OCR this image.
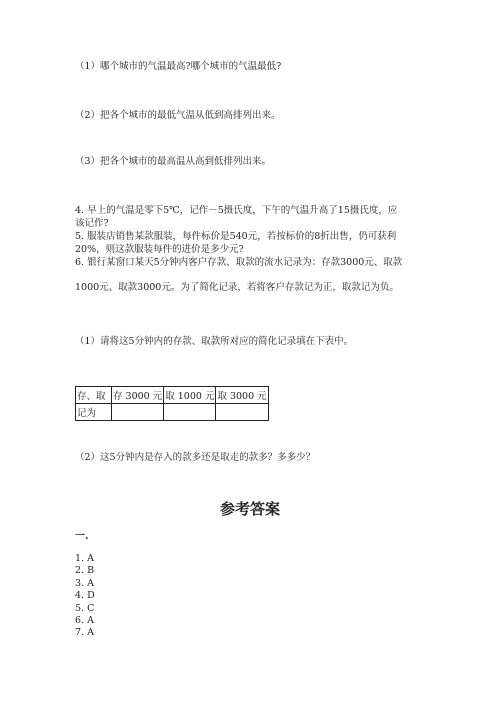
（1）哪个城市的气温最高?哪个城市的气温最低?
（2）把各个城市的最低气温从低到高排列出来。
（3）把各个城市的最高温从高到低排列出来。
4. 早上的气温是零下5℃，记作－5摄氏度，下午的气温升高了15摄氏度，应
该记作?
5. 服装店销售某款服装，每件标价是540元，若按标价的8折出售，仍可获利
20%，则这款服装每件的进价是多少元?
6. 银行某窗口某天5分钟内客户存款、取款的流水记录为：存款3000元、取款
1000元、取款3000元。为了简化记录，若将客户存款记为正，取款记为负。
（1）请将这5分钟内的存款、取款所对应的简化记录填在下表中。
存、取	存 3000 元	取 1000 元	取 3000 元
记为			
（2）这5分钟内是存入的款多还是取走的款多？多多少？
参考答案
一.
1. A
2. B
3. A
4. D
5. C
6. A
7. A
